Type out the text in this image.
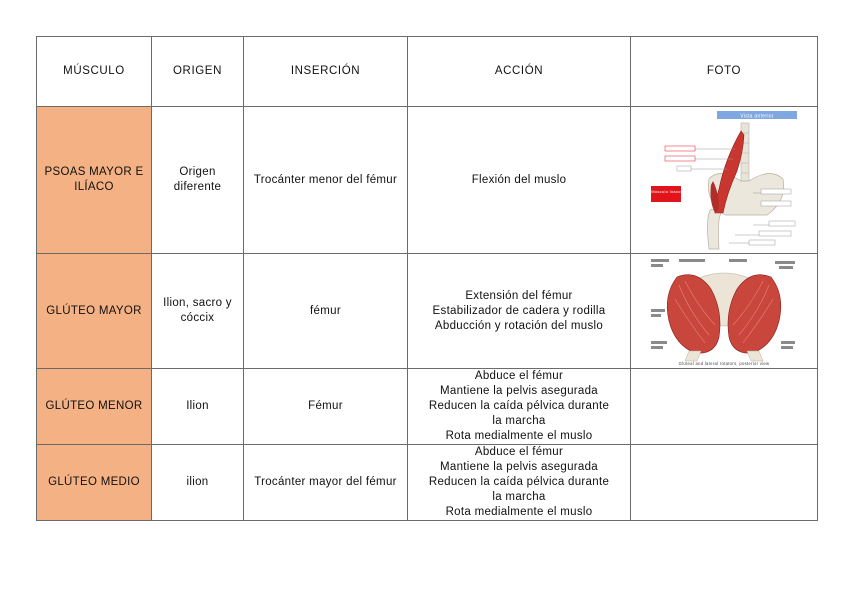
MÚSCULO	ORIGEN	INSERCIÓN	ACCIÓN	FOTO
PSOAS MAYOR E ILÍACO	Origen diferente	Trocánter menor del fémur	Flexión del muslo	Vista anterior
Músculo ilíaco

GLÚTEO MAYOR	Ilion, sacro y cóccix	fémur	Extensión del fémur
Estabilizador de cadera y rodilla
Abducción y rotación del muslo	Gluteal and lateral rotators, posterior view

GLÚTEO MENOR	Ilion	Fémur	Abduce el fémur
Mantiene la pelvis asegurada
Reducen la caída pélvica durante
la marcha
Rota medialmente el muslo	

GLÚTEO MEDIO	ilion	Trocánter mayor del fémur	Abduce el fémur
Mantiene la pelvis asegurada
Reducen la caída pélvica durante
la marcha
Rota medialmente el muslo	
